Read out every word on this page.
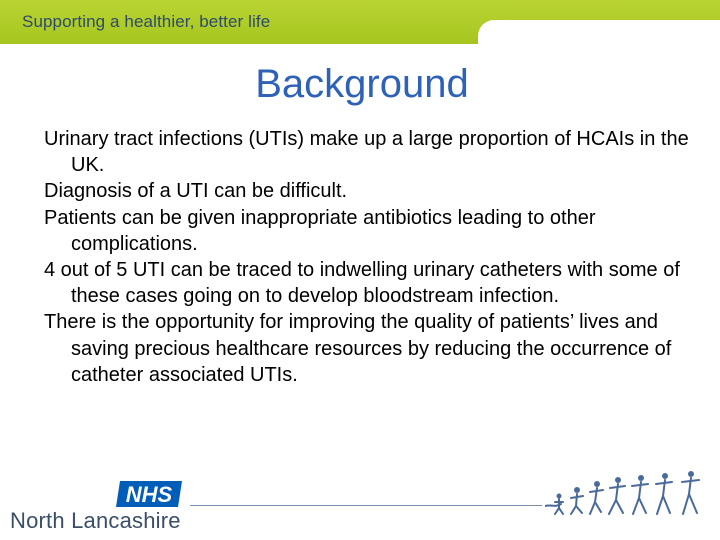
Supporting a healthier, better life
Background
Urinary tract infections (UTIs) make up a large proportion of HCAIs in the UK.
Diagnosis of a UTI can be difficult.
Patients can be given inappropriate antibiotics leading to other complications.
4 out of 5 UTI can be traced to indwelling urinary catheters with some of these cases going on to develop bloodstream infection.
There is the opportunity for improving the quality of patients’ lives and saving precious healthcare resources by reducing the occurrence of catheter associated UTIs.
NHS
North Lancashire
